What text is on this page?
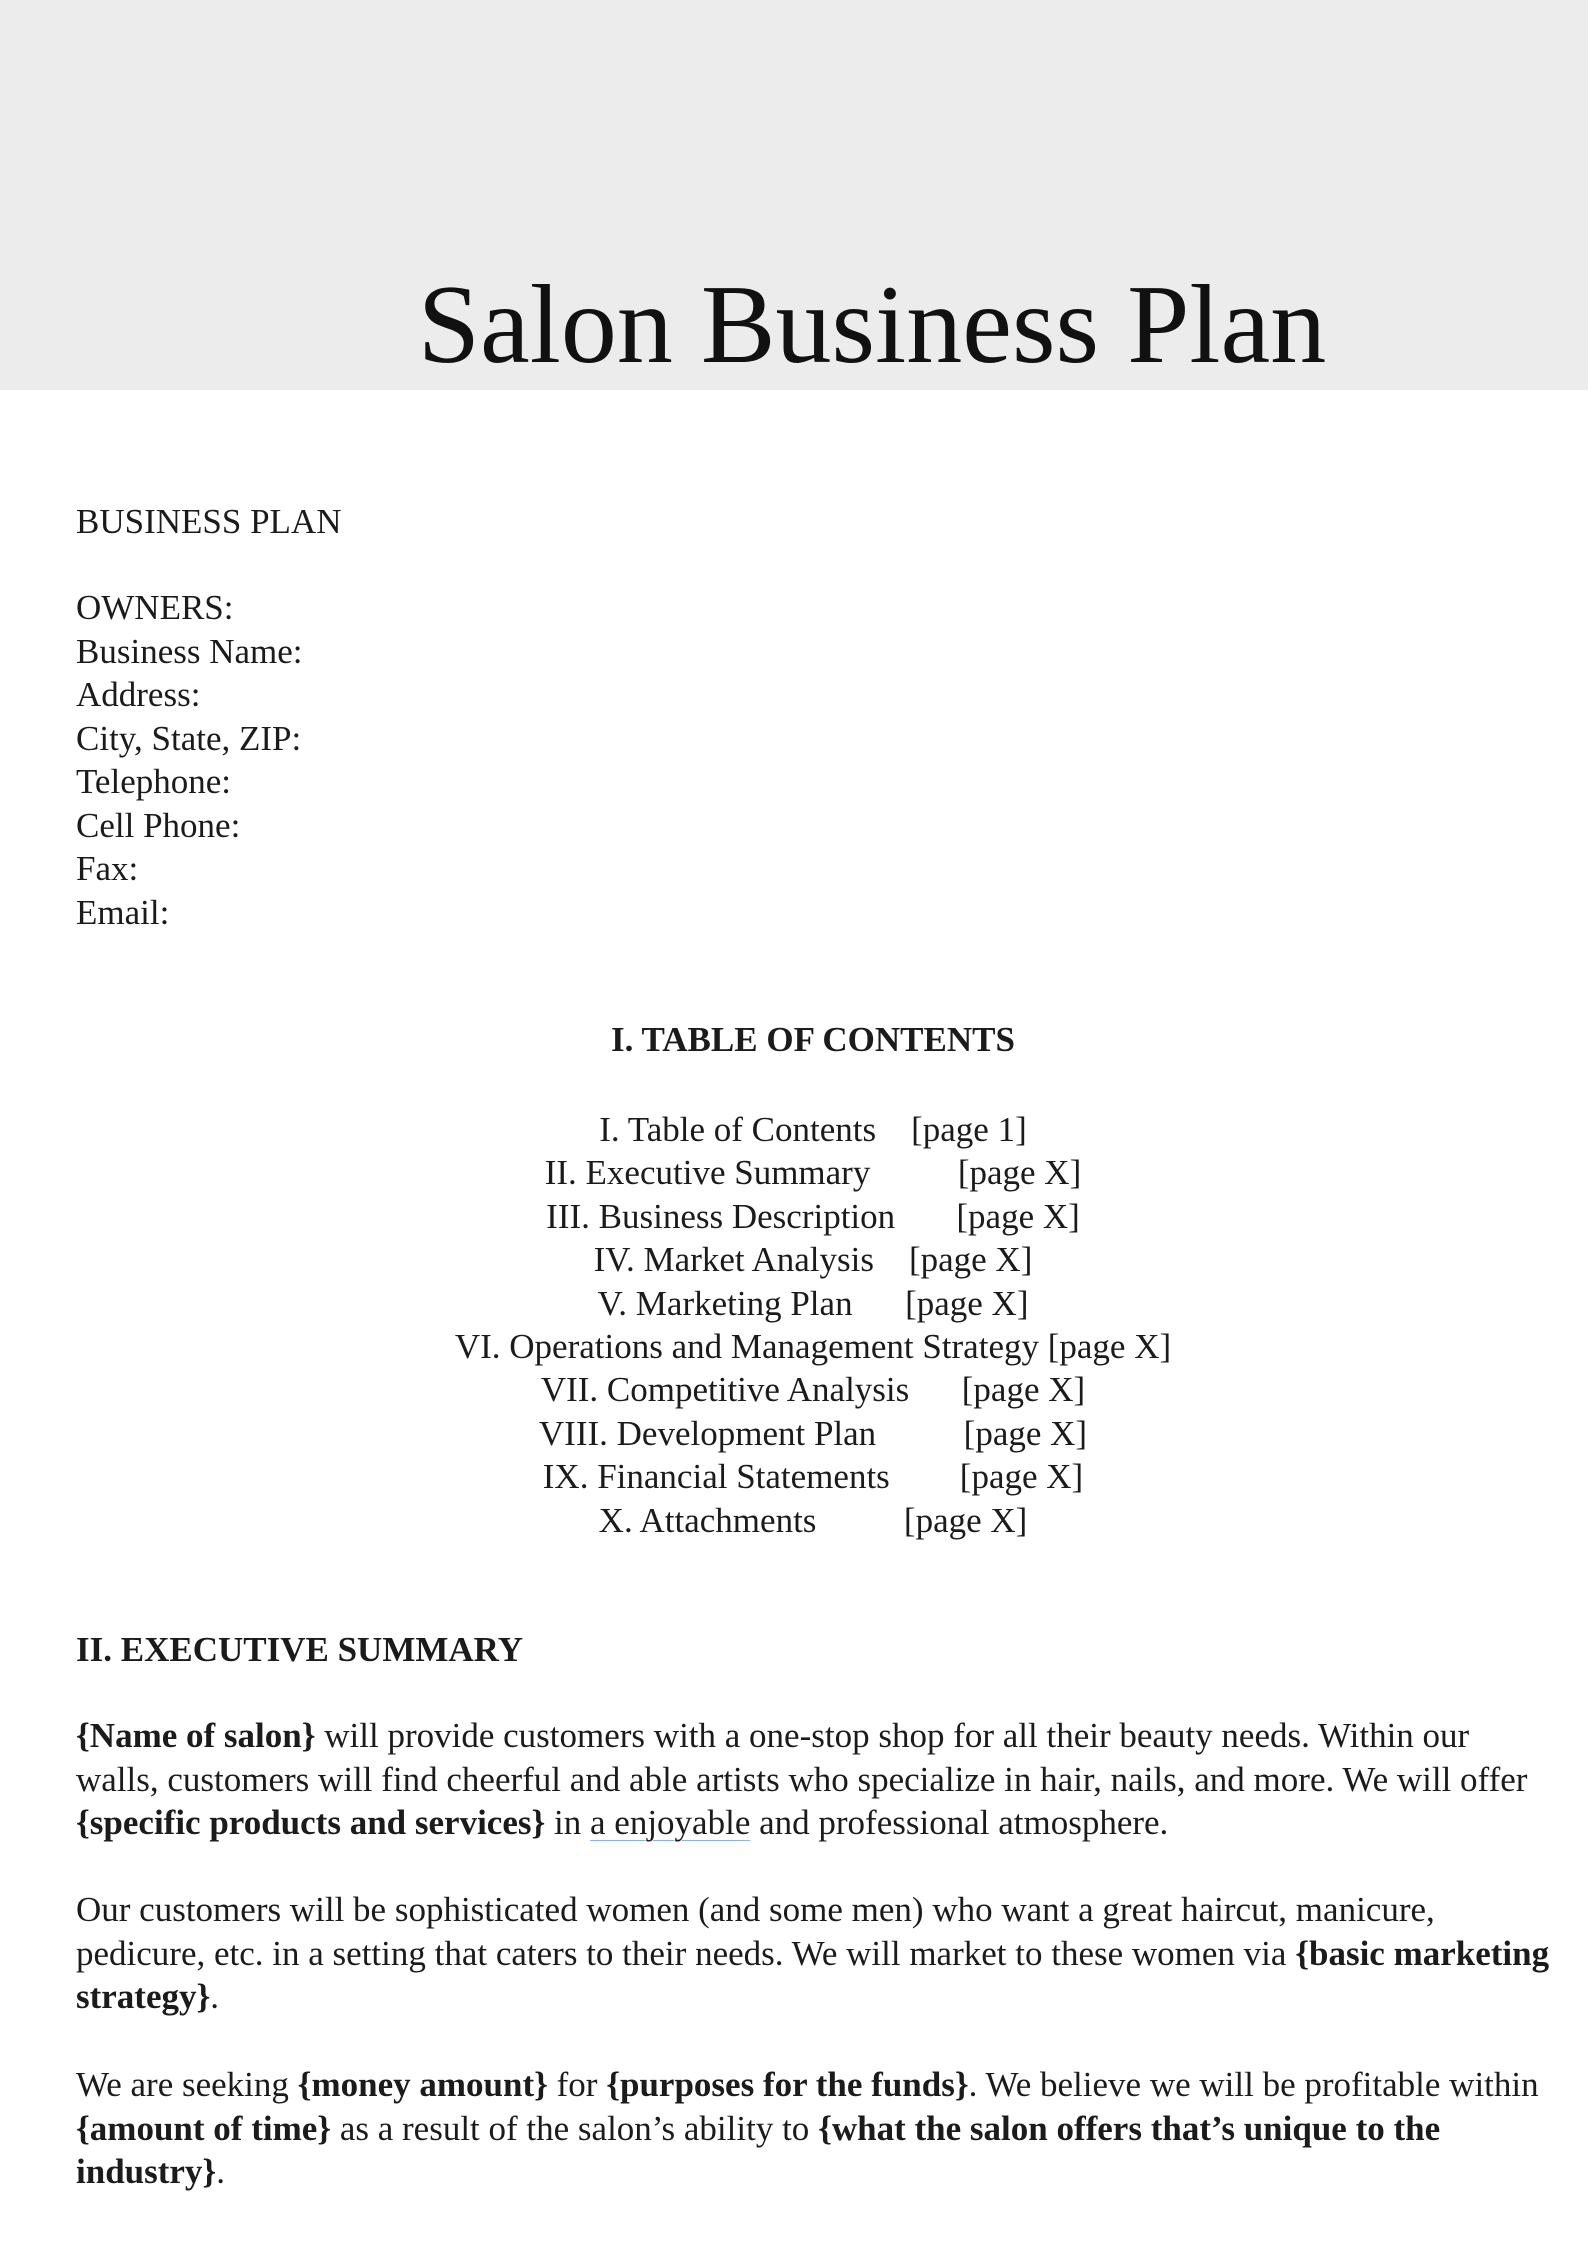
Salon Business Plan

BUSINESS PLAN

OWNERS:
Business Name:
Address:
City, State, ZIP:
Telephone:
Cell Phone:
Fax:
Email:
I. TABLE OF CONTENTS
I. Table of Contents    [page 1]
II. Executive Summary          [page X]
III. Business Description       [page X]
IV. Market Analysis    [page X]
V. Marketing Plan      [page X]
VI. Operations and Management Strategy [page X]
VII. Competitive Analysis      [page X]
VIII. Development Plan          [page X]
IX. Financial Statements        [page X]
X. Attachments          [page X]
II. EXECUTIVE SUMMARY

{Name of salon} will provide customers with a one-stop shop for all their beauty needs. Within our walls, customers will find cheerful and able artists who specialize in hair, nails, and more. We will offer {specific products and services} in a enjoyable and professional atmosphere.

Our customers will be sophisticated women (and some men) who want a great haircut, manicure, pedicure, etc. in a setting that caters to their needs. We will market to these women via {basic marketing strategy}.

We are seeking {money amount} for {purposes for the funds}. We believe we will be profitable within {amount of time} as a result of the salon’s ability to {what the salon offers that’s unique to the industry}.
